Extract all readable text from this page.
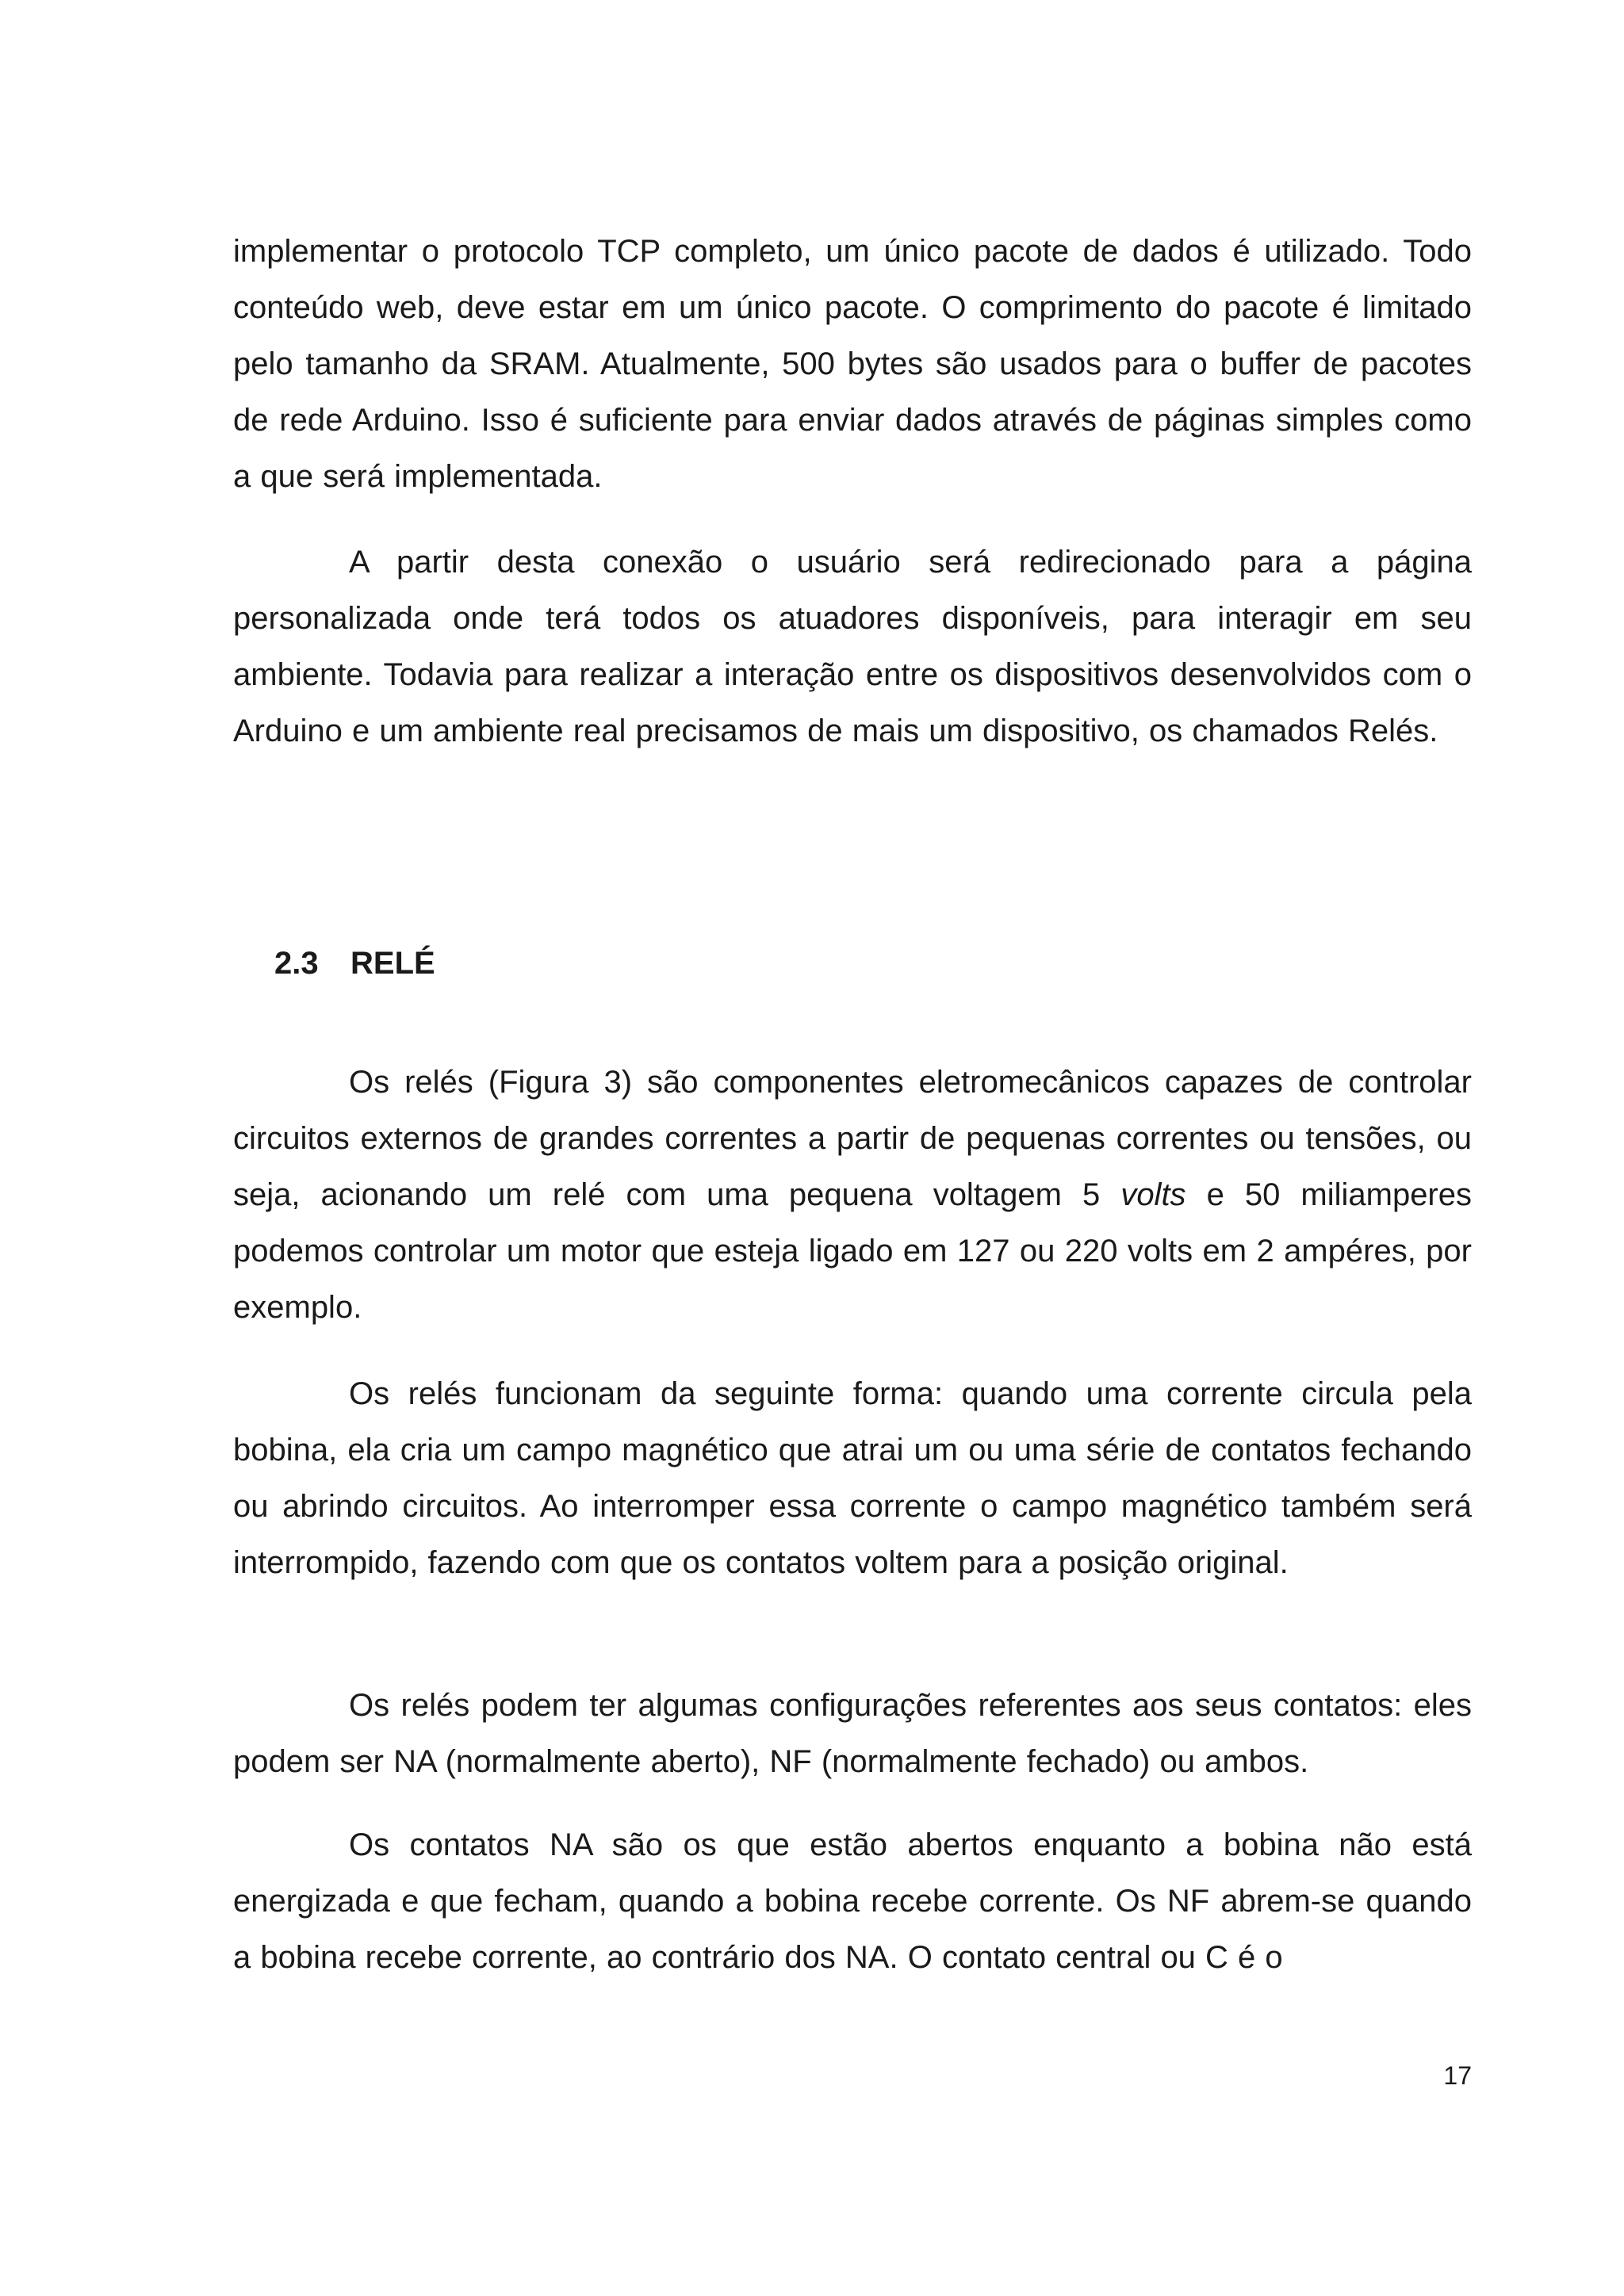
implementar o protocolo TCP completo, um único pacote de dados é utilizado. Todo conteúdo web, deve estar em um único pacote. O comprimento do pacote é limitado pelo tamanho da SRAM. Atualmente, 500 bytes são usados para o buffer de pacotes de rede Arduino. Isso é suficiente para enviar dados através de páginas simples como a que será implementada.

A partir desta conexão o usuário será redirecionado para a página personalizada onde terá todos os atuadores disponíveis, para interagir em seu ambiente. Todavia para realizar a interação entre os dispositivos desenvolvidos com o Arduino e um ambiente real precisamos de mais um dispositivo, os chamados Relés.

2.3 RELÉ

Os relés (Figura 3) são componentes eletromecânicos capazes de controlar circuitos externos de grandes correntes a partir de pequenas correntes ou tensões, ou seja, acionando um relé com uma pequena voltagem 5 volts e 50 miliamperes podemos controlar um motor que esteja ligado em 127 ou 220 volts em 2 ampéres, por exemplo.

Os relés funcionam da seguinte forma: quando uma corrente circula pela bobina, ela cria um campo magnético que atrai um ou uma série de contatos fechando ou abrindo circuitos. Ao interromper essa corrente o campo magnético também será interrompido, fazendo com que os contatos voltem para a posição original.

Os relés podem ter algumas configurações referentes aos seus contatos: eles podem ser NA (normalmente aberto), NF (normalmente fechado) ou ambos.

Os contatos NA são os que estão abertos enquanto a bobina não está energizada e que fecham, quando a bobina recebe corrente. Os NF abrem-se quando a bobina recebe corrente, ao contrário dos NA. O contato central ou C é o

17
